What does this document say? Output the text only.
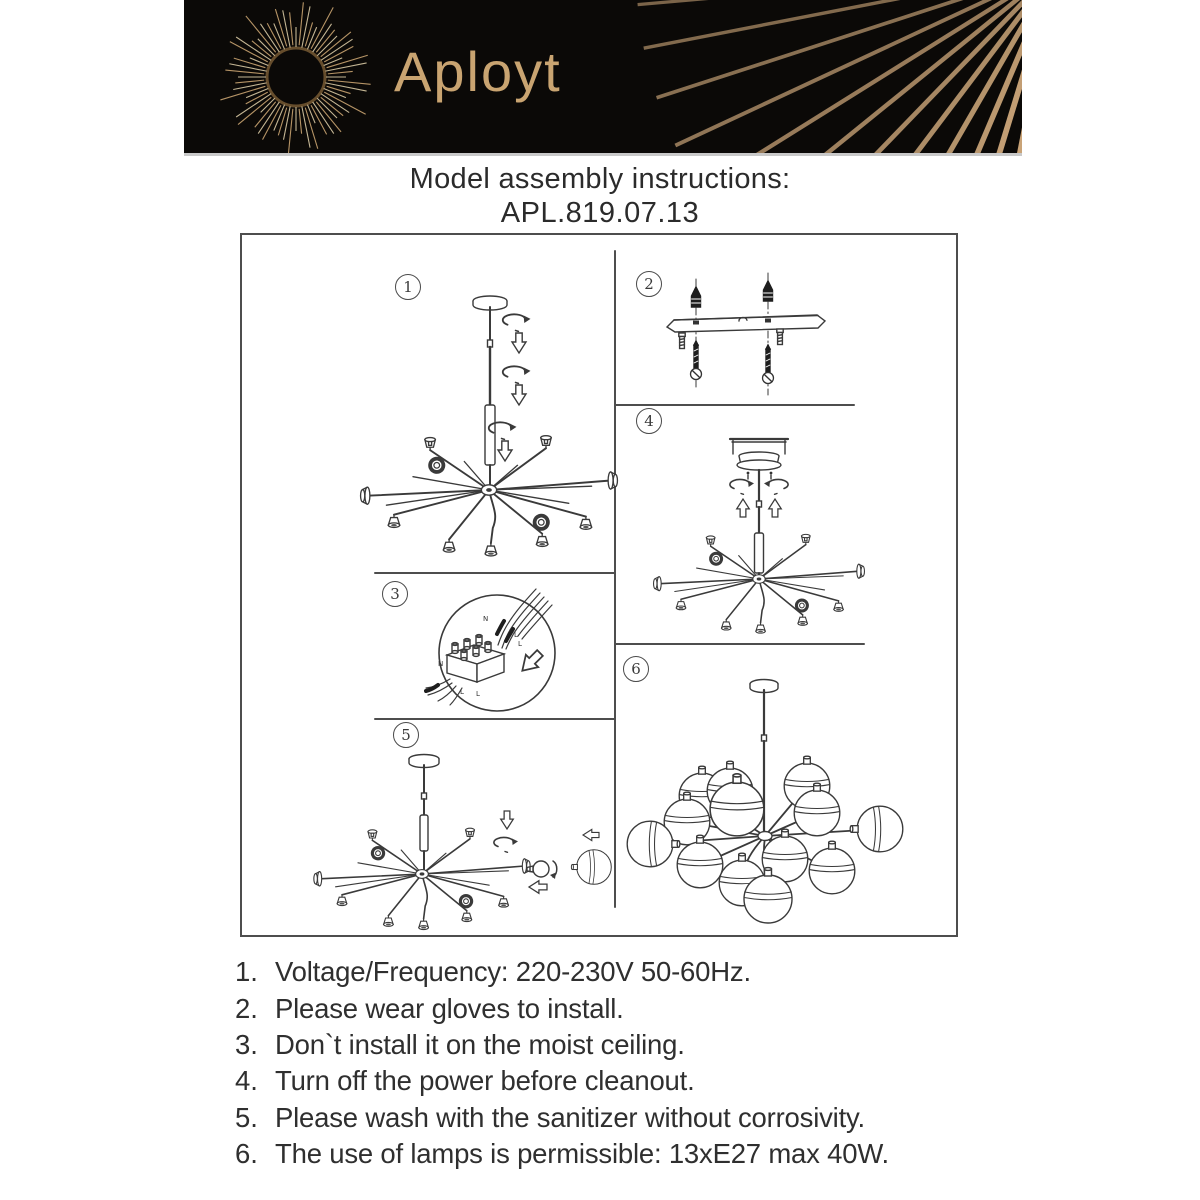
Aployt
Model assembly instructions:
APL.819.07.13
N
L
L
N
L L
1	2
3
4
5
6
1. Voltage/Frequency: 220-230V 50-60Hz.
2. Please wear gloves to install.
3. Don`t install it on the moist ceiling.
4. Turn off the power before cleanout.
5. Please wash with the sanitizer without corrosivity.
6. The use of lamps is permissible: 13xE27 max 40W.
